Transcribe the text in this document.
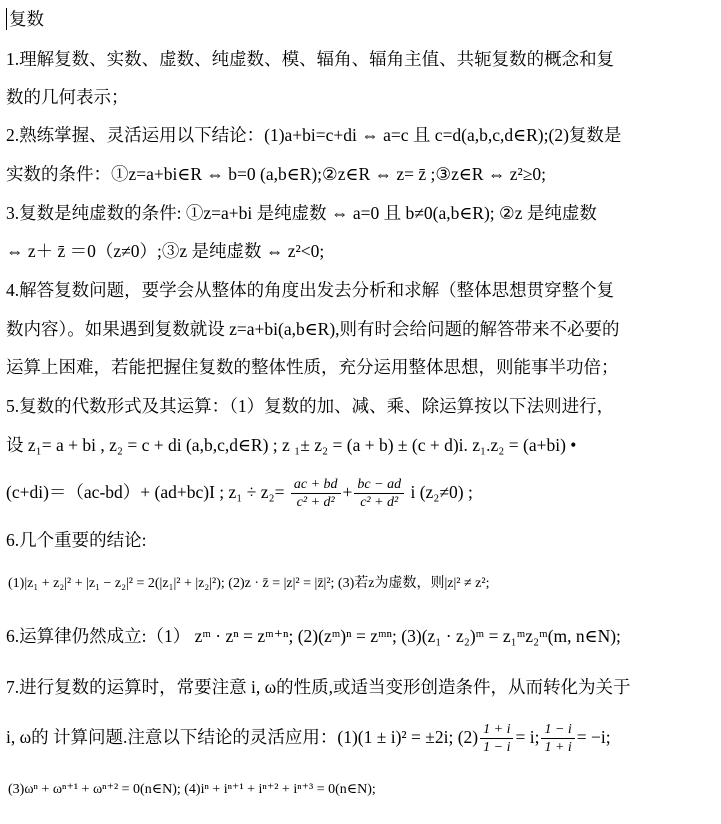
复数
1.理解复数、实数、虚数、纯虚数、模、辐角、辐角主值、共轭复数的概念和复
数的几何表示；
2.熟练掌握、灵活运用以下结论：(1)a+bi=c+di ⇔ a=c 且 c=d(a,b,c,d∈R);(2)复数是
实数的条件：①z=a+bi∈R ⇔ b=0 (a,b∈R);②z∈R ⇔ z= z̄ ;③z∈R ⇔ z²≥0;
3.复数是纯虚数的条件: ①z=a+bi 是纯虚数 ⇔ a=0 且 b≠0(a,b∈R); ②z 是纯虚数
⇔ z＋ z̄ ＝0（z≠0）;③z 是纯虚数 ⇔ z²<0;
4.解答复数问题，要学会从整体的角度出发去分析和求解（整体思想贯穿整个复
数内容）。如果遇到复数就设 z=a+bi(a,b∈R),则有时会给问题的解答带来不必要的
运算上困难，若能把握住复数的整体性质，充分运用整体思想，则能事半功倍；
5.复数的代数形式及其运算：（1）复数的加、减、乘、除运算按以下法则进行，
设 z₁= a + bi , z₂ = c + di (a,b,c,d∈R) ; z ₁± z₂ = (a + b) ± (c + d)i. z₁.z₂ = (a+bi) •
(c+di)＝（ac-bd）+ (ad+bc)I ; $z_1 \div z_2= \frac{ac + bd}{\text{c² + d²}} + \frac{bc - ad}{\text{c² + d²}}$ i (z₂≠0) ;
6.几个重要的结论:
(1)|z₁ + z₂|² + |z₁ − z₂|² = 2(|z₁|² + |z₂|²); (2)z · z̄ = |z|² = |z̄|²; (3)若z为虚数，则|z|² ≠ z²;
6.运算律仍然成立:（1） zᵐ · zⁿ = zᵐ⁺ⁿ; (2)(zᵐ)ⁿ = zᵐⁿ; (3)(z₁ · z₂)ᵐ = z₁ᵐz₂ᵐ(m, n∈N);
7.进行复数的运算时，常要注意 i, ω的性质,或适当变形创造条件，从而转化为关于
i, ω的 计算问题.注意以下结论的灵活应用：(1)(1 ± i)² = ±2i; $(2) \frac{1 + i}{1 - i} = i$; $\frac{1 - i}{1 + i} = -i$;
(3)ωⁿ + ωⁿ⁺¹ + ωⁿ⁺² = 0(n∈N); (4)iⁿ + iⁿ⁺¹ + iⁿ⁺² + iⁿ⁺³ = 0(n∈N);
